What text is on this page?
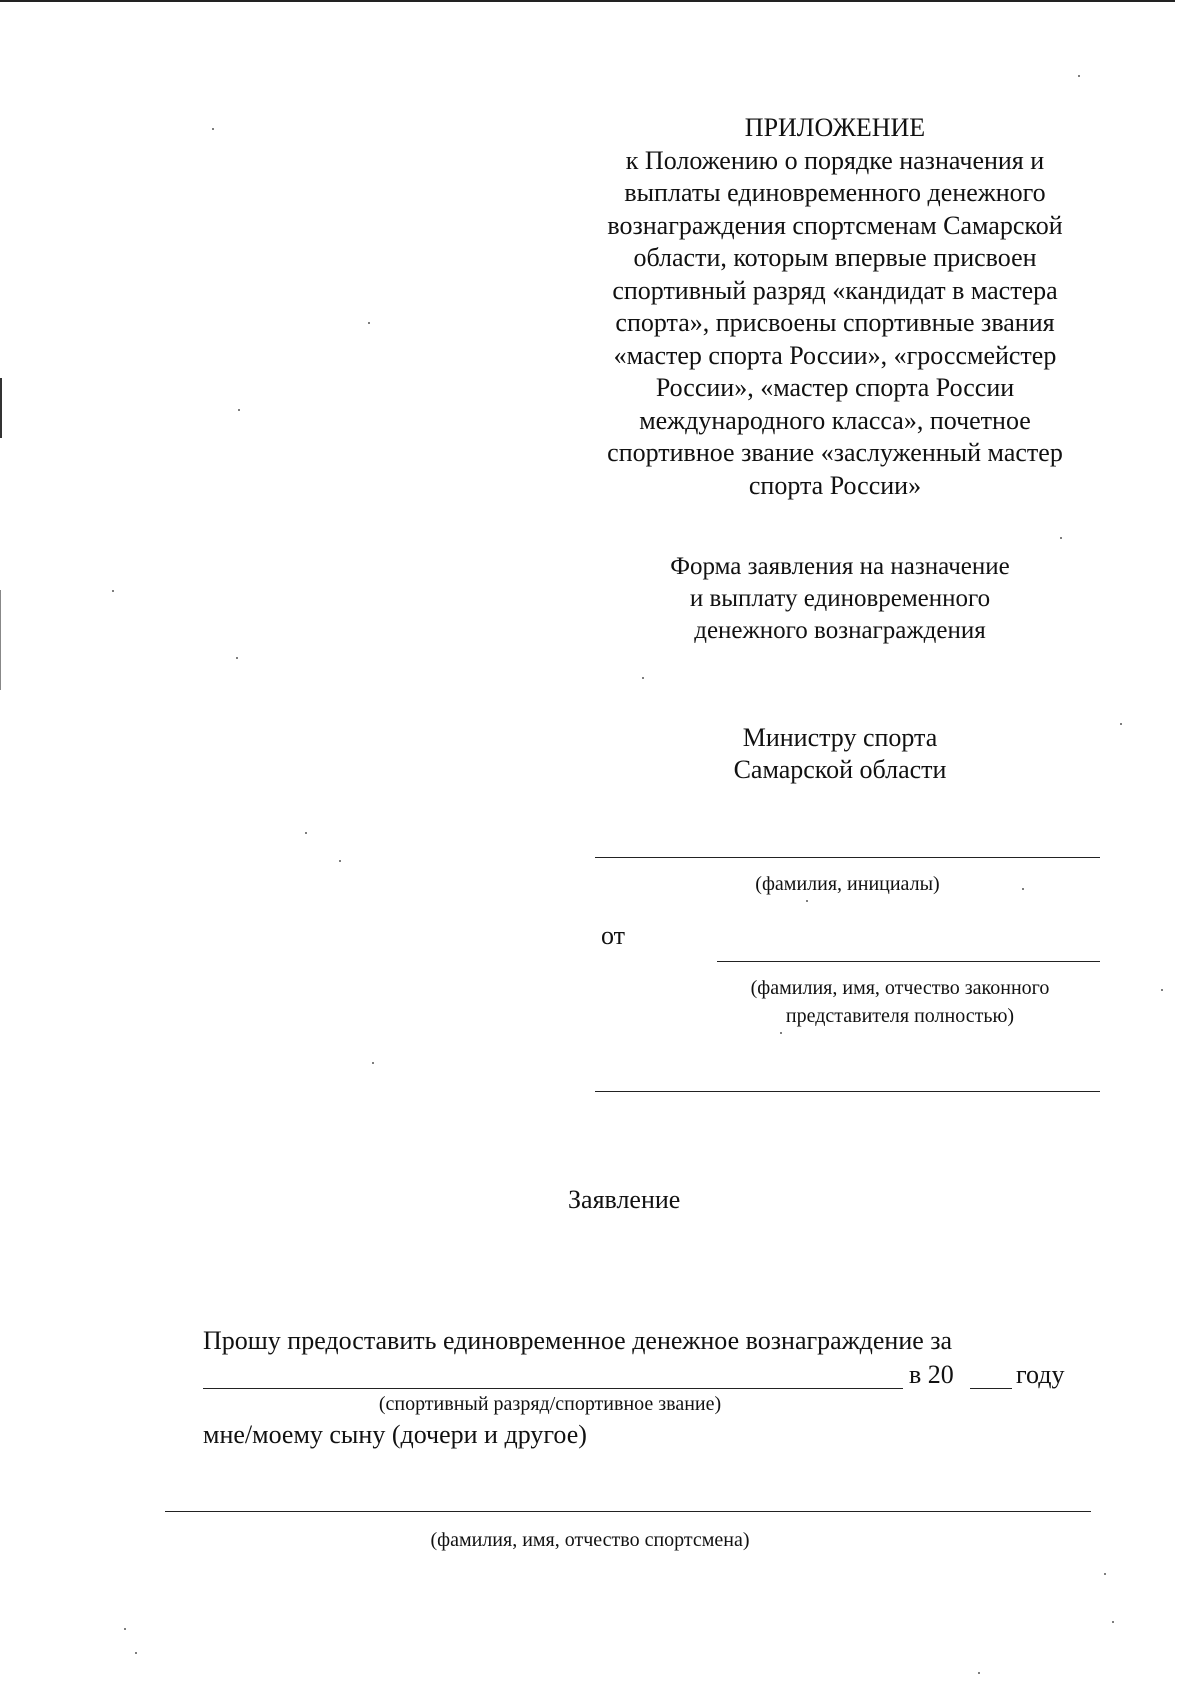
ПРИЛОЖЕНИЕ
к Положению о порядке назначения и
выплаты единовременного денежного
вознаграждения спортсменам Самарской
области, которым впервые присвоен
спортивный разряд «кандидат в мастера
спорта», присвоены спортивные звания
«мастер спорта России», «гроссмейстер
России», «мастер спорта России
международного класса», почетное
спортивное звание «заслуженный мастер
спорта России»
Форма заявления на назначение
и выплату единовременного
денежного вознаграждения
Министру спорта
Самарской области
(фамилия, инициалы)
от
(фамилия, имя, отчество законного
представителя полностью)
Заявление
Прошу предоставить единовременное денежное вознаграждение за
в 20 году
(спортивный разряд/спортивное звание)
мне/моему сыну (дочери и другое)
(фамилия, имя, отчество спортсмена)
